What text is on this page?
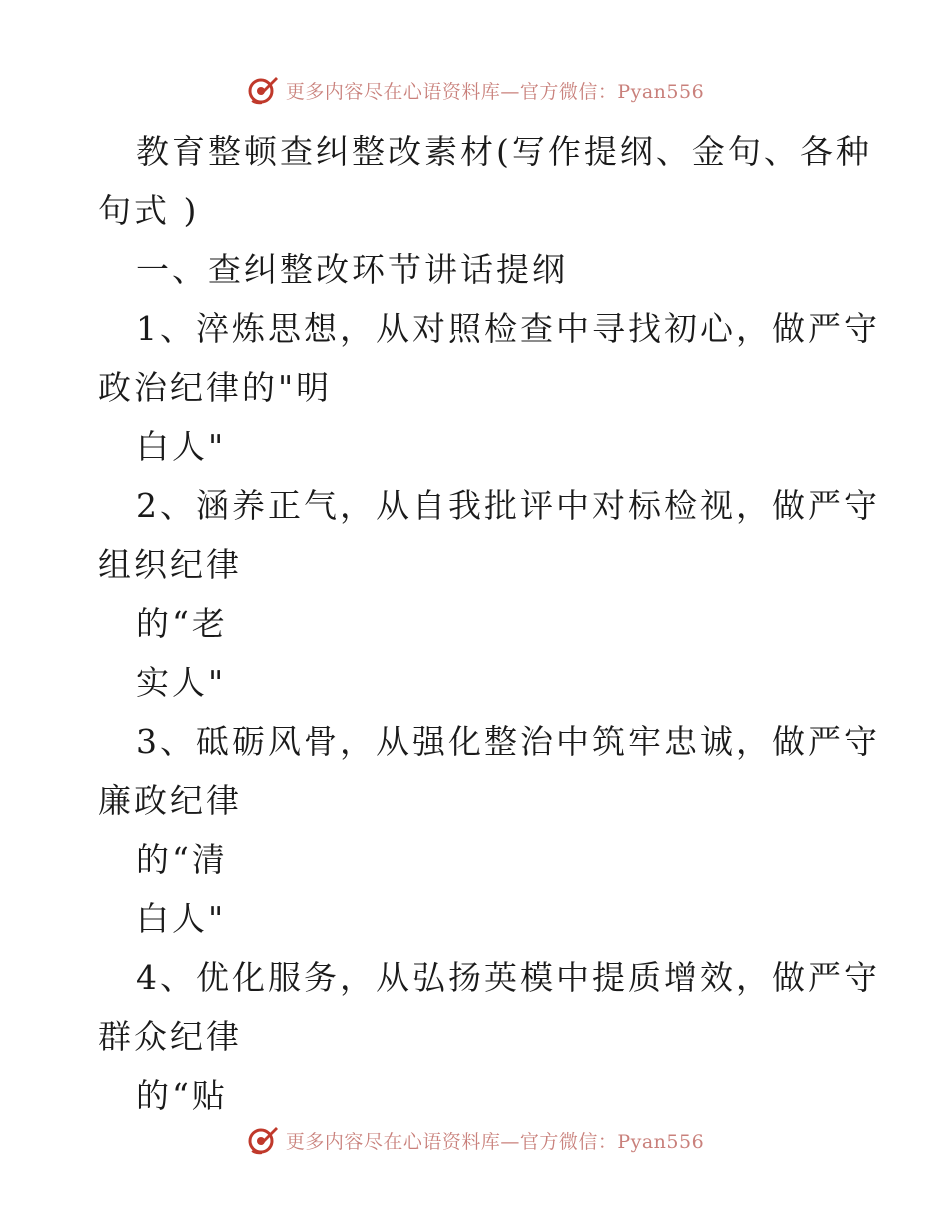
更多内容尽在心语资料库—官方微信：Pyan556
教育整顿查纠整改素材(写作提纲、金句、各种
句式 )
一、查纠整改环节讲话提纲
1、淬炼思想，从对照检查中寻找初心，做严守
政治纪律的"明
白人"
2、涵养正气，从自我批评中对标检视，做严守
组织纪律
的“老
实人"
3、砥砺风骨，从强化整治中筑牢忠诚，做严守
廉政纪律
的“清
白人"
4、优化服务，从弘扬英模中提质增效，做严守
群众纪律
的“贴
更多内容尽在心语资料库—官方微信：Pyan556
